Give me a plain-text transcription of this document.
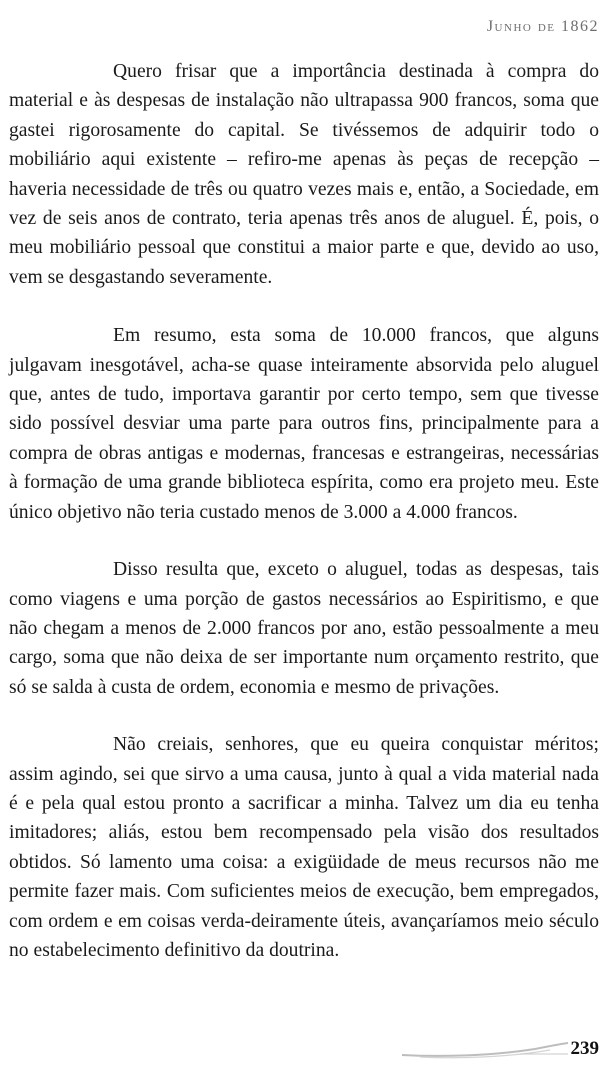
Junho de 1862

Quero frisar que a importância destinada à compra do material e às despesas de instalação não ultrapassa 900 francos, soma que gastei rigorosamente do capital. Se tivéssemos de adquirir todo o mobiliário aqui existente – refiro-me apenas às peças de recepção – haveria necessidade de três ou quatro vezes mais e, então, a Sociedade, em vez de seis anos de contrato, teria apenas três anos de aluguel. É, pois, o meu mobiliário pessoal que constitui a maior parte e que, devido ao uso, vem se desgastando severamente.

Em resumo, esta soma de 10.000 francos, que alguns julgavam inesgotável, acha-se quase inteiramente absorvida pelo aluguel que, antes de tudo, importava garantir por certo tempo, sem que tivesse sido possível desviar uma parte para outros fins, principalmente para a compra de obras antigas e modernas, francesas e estrangeiras, necessárias à formação de uma grande biblioteca espírita, como era projeto meu. Este único objetivo não teria custado menos de 3.000 a 4.000 francos.

Disso resulta que, exceto o aluguel, todas as despesas, tais como viagens e uma porção de gastos necessários ao Espiritismo, e que não chegam a menos de 2.000 francos por ano, estão pessoalmente a meu cargo, soma que não deixa de ser importante num orçamento restrito, que só se salda à custa de ordem, economia e mesmo de privações.

Não creiais, senhores, que eu queira conquistar méritos; assim agindo, sei que sirvo a uma causa, junto à qual a vida material nada é e pela qual estou pronto a sacrificar a minha. Talvez um dia eu tenha imitadores; aliás, estou bem recompensado pela visão dos resultados obtidos. Só lamento uma coisa: a exigüidade de meus recursos não me permite fazer mais. Com suficientes meios de execução, bem empregados, com ordem e em coisas verda-deiramente úteis, avançaríamos meio século no estabelecimento definitivo da doutrina.

239
